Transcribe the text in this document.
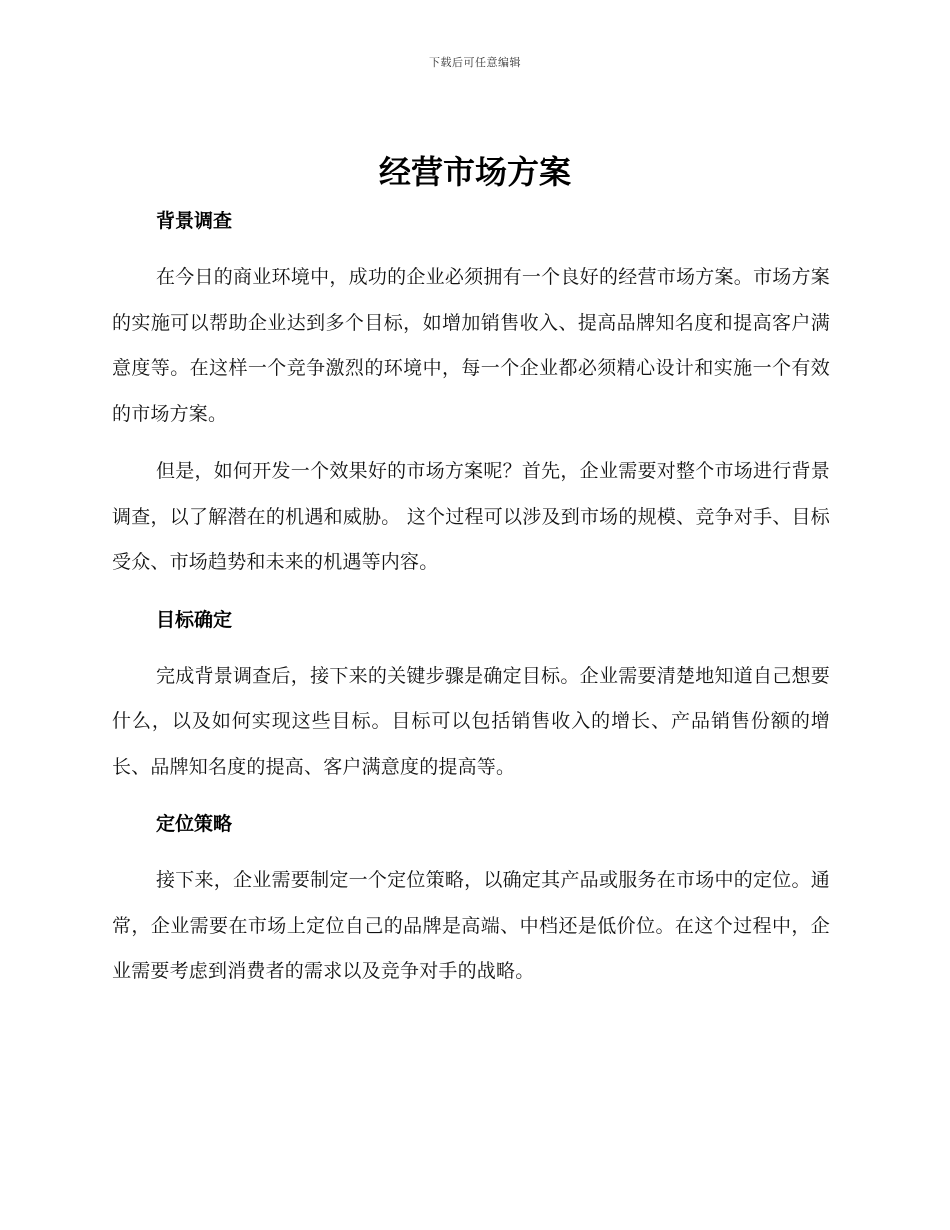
下载后可任意编辑
经营市场方案
背景调查

在今日的商业环境中，成功的企业必须拥有一个良好的经营市场方案。市场方案的实施可以帮助企业达到多个目标，如增加销售收入、提高品牌知名度和提高客户满意度等。在这样一个竞争激烈的环境中，每一个企业都必须精心设计和实施一个有效的市场方案。

但是，如何开发一个效果好的市场方案呢？首先，企业需要对整个市场进行背景调查，以了解潜在的机遇和威胁。 这个过程可以涉及到市场的规模、竞争对手、目标受众、市场趋势和未来的机遇等内容。

目标确定

完成背景调查后，接下来的关键步骤是确定目标。企业需要清楚地知道自己想要什么，以及如何实现这些目标。目标可以包括销售收入的增长、产品销售份额的增长、品牌知名度的提高、客户满意度的提高等。

定位策略

接下来，企业需要制定一个定位策略，以确定其产品或服务在市场中的定位。通常，企业需要在市场上定位自己的品牌是高端、中档还是低价位。在这个过程中，企业需要考虑到消费者的需求以及竞争对手的战略。
